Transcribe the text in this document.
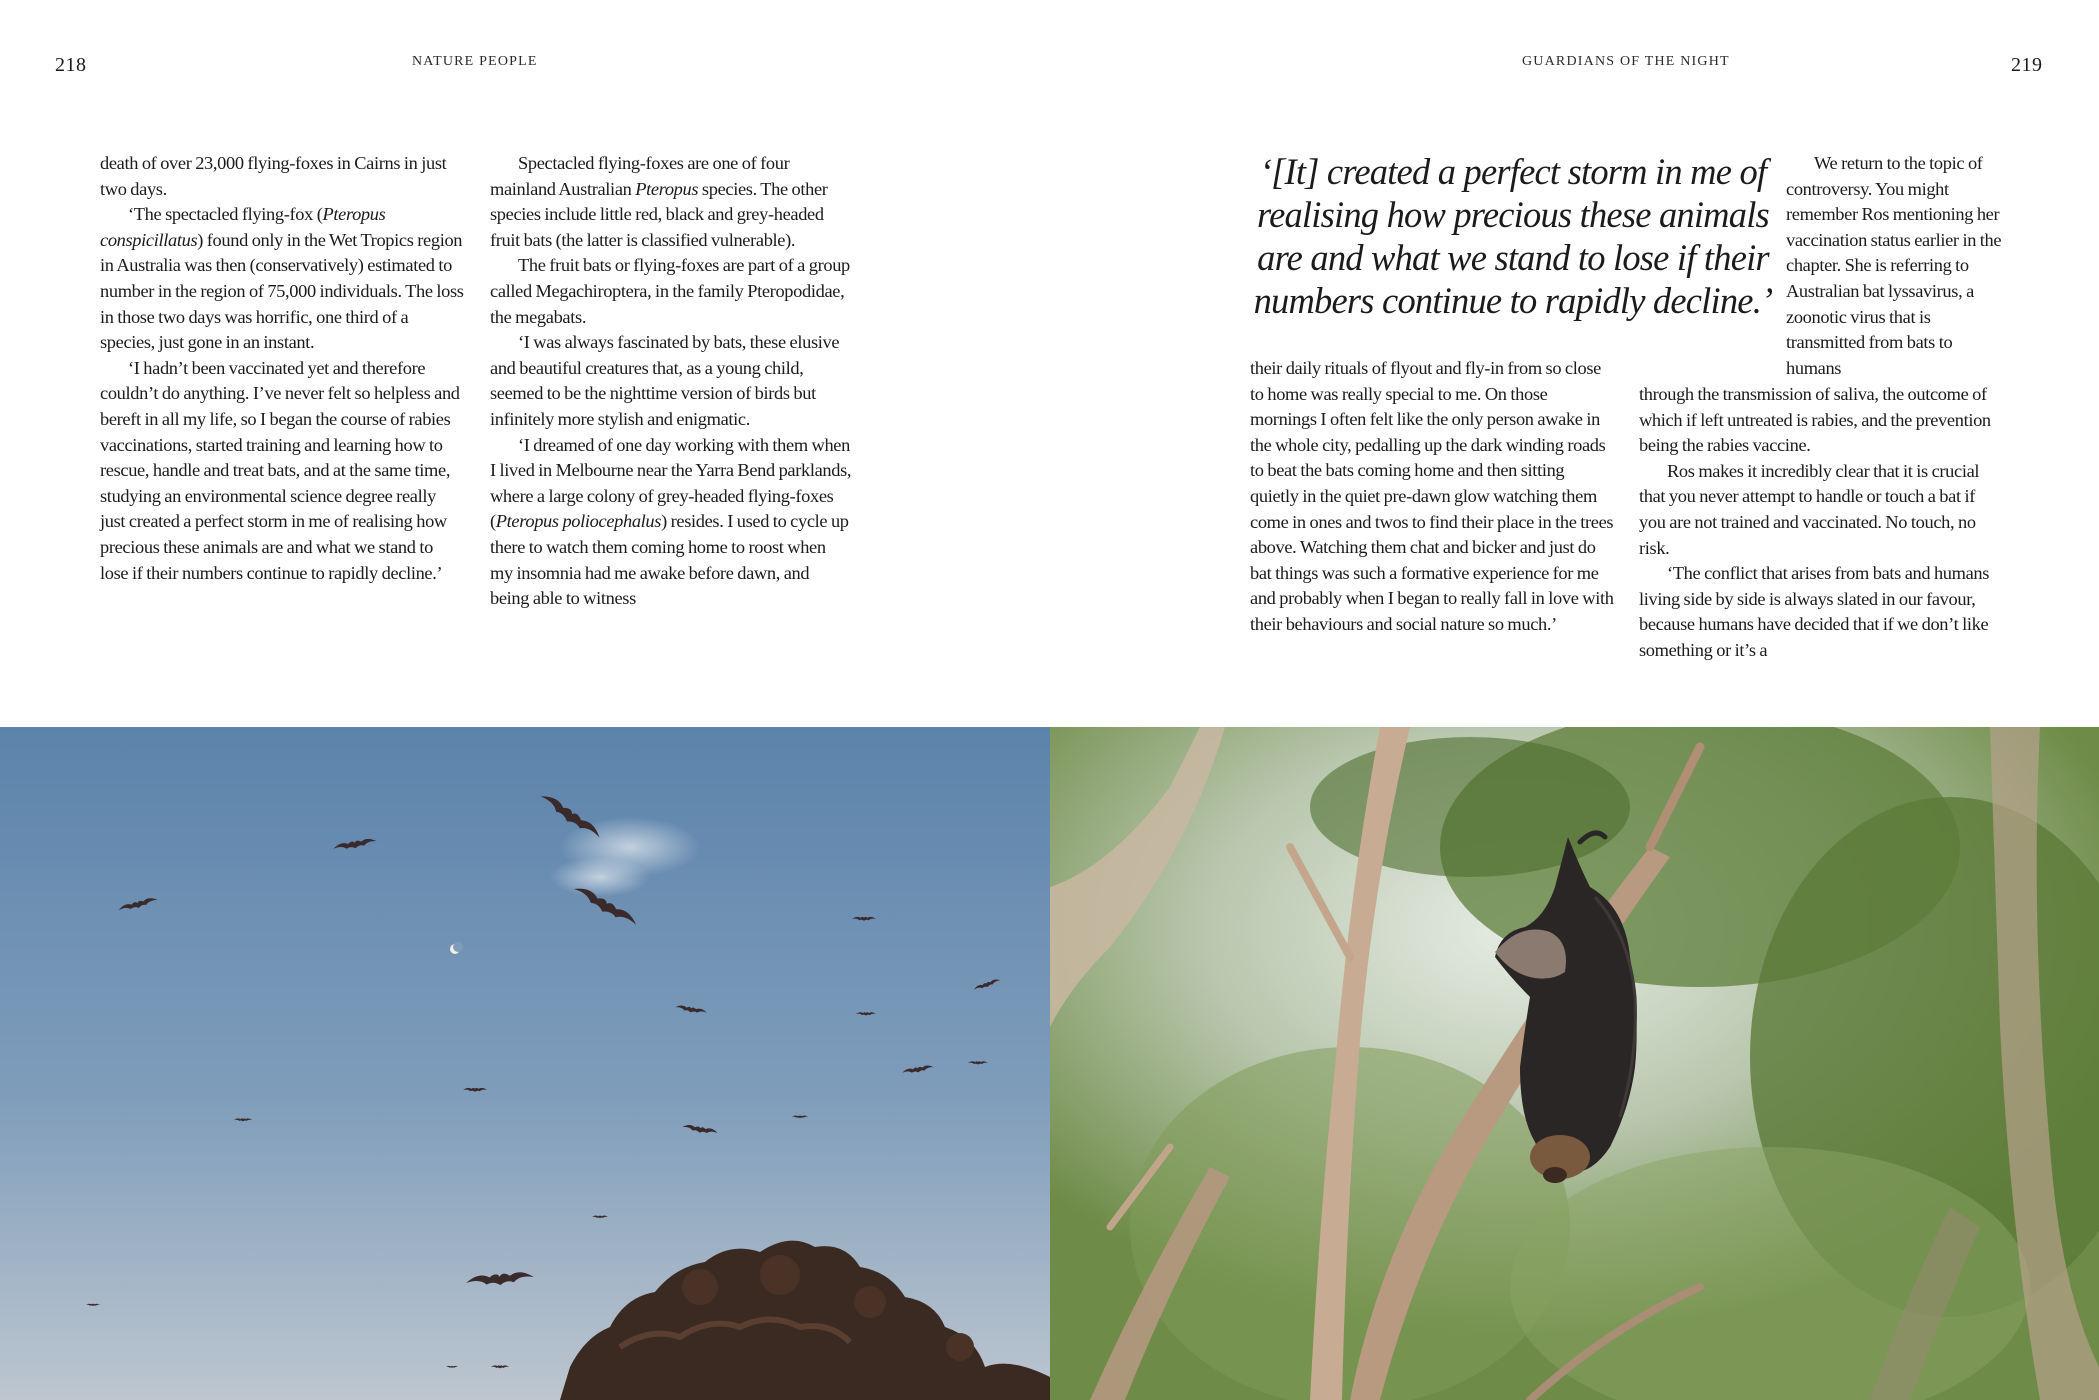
218	NATURE PEOPLE	GUARDIANS OF THE NIGHT	219

death of over 23,000 flying-foxes in Cairns in just two days.

‘The spectacled flying-fox (Pteropus conspicillatus) found only in the Wet Tropics region in Australia was then (conservatively) estimated to number in the region of 75,000 individuals. The loss in those two days was horrific, one third of a species, just gone in an instant.

‘I hadn’t been vaccinated yet and therefore couldn’t do anything. I’ve never felt so helpless and bereft in all my life, so I began the course of rabies vaccinations, started training and learning how to rescue, handle and treat bats, and at the same time, studying an environmental science degree really just created a perfect storm in me of realising how precious these animals are and what we stand to lose if their numbers continue to rapidly decline.’

Spectacled flying-foxes are one of four mainland Australian Pteropus species. The other species include little red, black and grey-headed fruit bats (the latter is classified vulnerable).

The fruit bats or flying-foxes are part of a group called Megachiroptera, in the family Pteropodidae, the megabats.

‘I was always fascinated by bats, these elusive and beautiful creatures that, as a young child, seemed to be the nighttime version of birds but infinitely more stylish and enigmatic.

‘I dreamed of one day working with them when I lived in Melbourne near the Yarra Bend parklands, where a large colony of grey-headed flying-foxes (Pteropus poliocephalus) resides. I used to cycle up there to watch them coming home to roost when my insomnia had me awake before dawn, and being able to witness

‘[It] created a perfect storm in me of realising how precious these animals are and what we stand to lose if their numbers continue to rapidly decline.’

their daily rituals of flyout and fly-in from so close to home was really special to me. On those mornings I often felt like the only person awake in the whole city, pedalling up the dark winding roads to beat the bats coming home and then sitting quietly in the quiet pre-dawn glow watching them come in ones and twos to find their place in the trees above. Watching them chat and bicker and just do bat things was such a formative experience for me and probably when I began to really fall in love with their behaviours and social nature so much.’

We return to the topic of controversy. You might remember Ros mentioning her vaccination status earlier in the chapter. She is referring to Australian bat lyssavirus, a zoonotic virus that is transmitted from bats to humans

through the transmission of saliva, the outcome of which if left untreated is rabies, and the prevention being the rabies vaccine.

Ros makes it incredibly clear that it is crucial that you never attempt to handle or touch a bat if you are not trained and vaccinated. No touch, no risk.

‘The conflict that arises from bats and humans living side by side is always slated in our favour, because humans have decided that if we don’t like something or it’s a
